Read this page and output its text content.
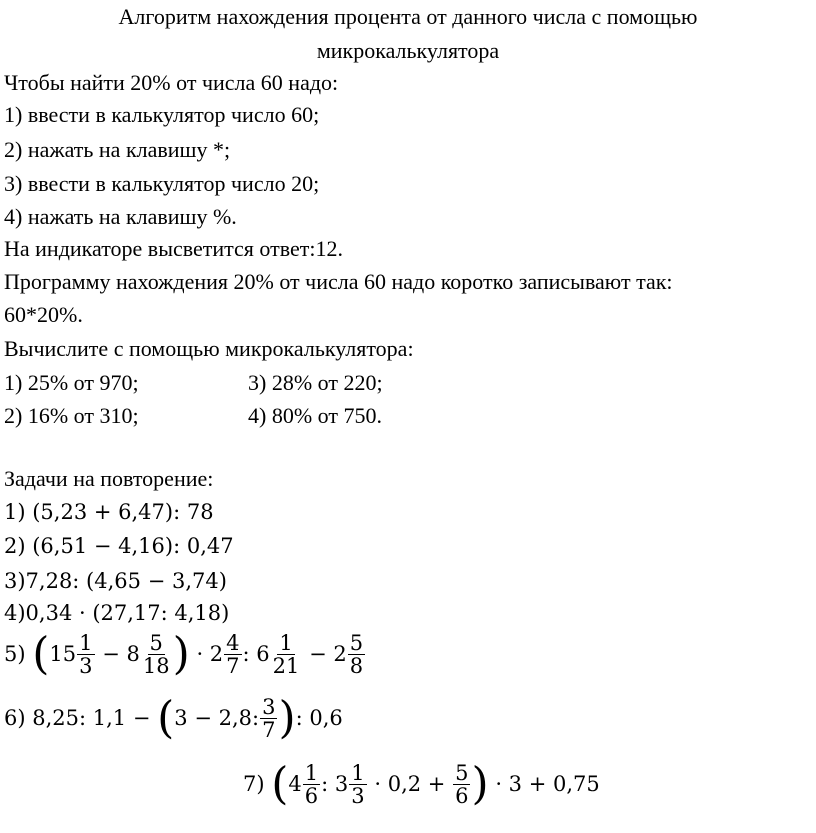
Алгоритм нахождения процента от данного числа с помощью
микрокалькулятора
Чтобы найти 20% от числа 60 надо:
1) ввести в калькулятор число 60;
2) нажать на клавишу *;
3) ввести в калькулятор число 20;
4) нажать на клавишу %.
На индикаторе высветится ответ:12.
Программу нахождения 20% от числа 60 надо коротко записывают так:
60*20%.
Вычислите с помощью микрокалькулятора:
1) 25% от 970;	3) 28% от 220;
2) 16% от 310;	4) 80% от 750.
Задачи на повторение:
1) (5,23 + 6,47): 78
2) (6,51 − 4,16): 0,47
3)7,28: (4,65 − 3,74)
4)0,34 · (27,17: 4,18)
5) ($15 \frac{1}{3} - 8 \frac{5}{18}$ ) · $2 \frac{4}{7}$ : $6 \frac{1}{21} - 2 \frac{5}{8}$
6) 8,25: 1,1 − (3 − 2,8: $\frac{3}{7}$ ): 0,6
7) ($4 \frac{1}{6}$ : $3 \frac{1}{3} \cdot 0,2 + \frac{5}{6}$ ) · 3 + 0,75
